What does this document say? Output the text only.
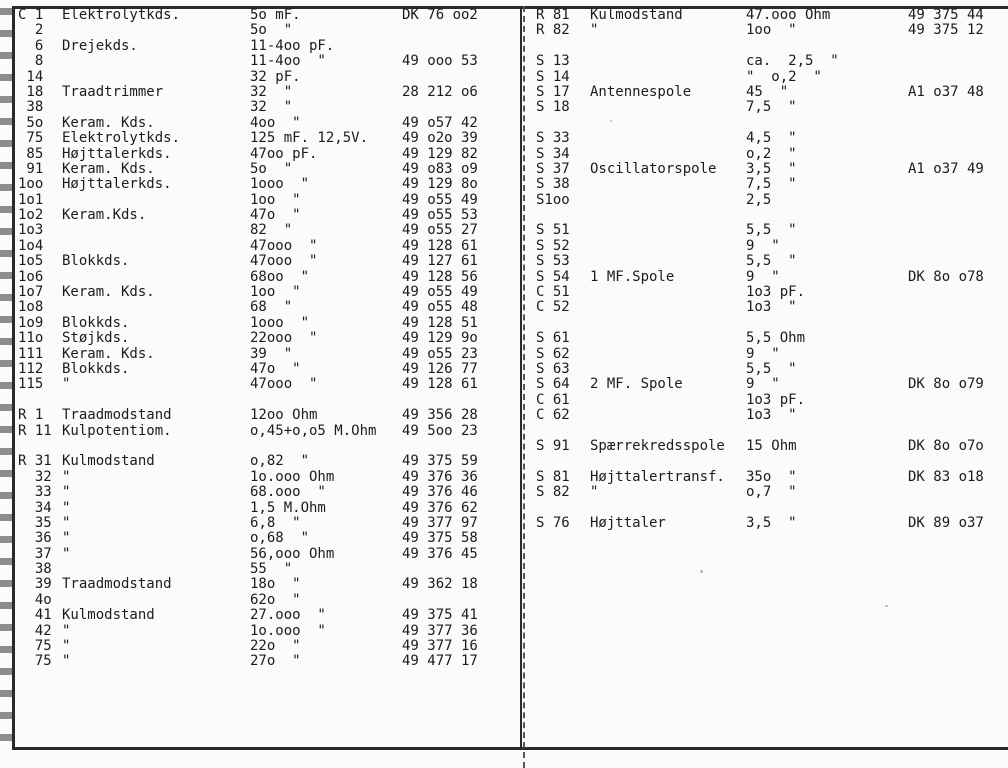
C 1 Elektrolytkds.	5o mF.	DK 76 oo2
2	5o  "
6 Drejekds.	11-4oo pF.
8	11-4oo  "	49 ooo 53
14	32 pF.
18 Traadtrimmer	32  "	28 212 o6
38	32  "
5o Keram. Kds.	4oo  "	49 o57 42
75 Elektrolytkds.	125 mF. 12,5V. 49 o2o 39
85 Højttalerkds.	47oo pF.	49 129 82
91 Keram. Kds.	5o  "	49 o83 o9
1oo Højttalerkds.	1ooo  "	49 129 8o
1o1	1oo  "	49 o55 49
1o2 Keram.Kds.	47o  "	49 o55 53
1o3	82  "	49 o55 27
1o4	47ooo  "	49 128 61
1o5 Blokkds.	47ooo  "	49 127 61
1o6	68oo  "	49 128 56
1o7 Keram. Kds.	1oo  "	49 o55 49
1o8	68  "	49 o55 48
1o9 Blokkds.	1ooo  "	49 128 51
11o Støjkds.	22ooo  "	49 129 9o
111 Keram. Kds.	39  "	49 o55 23
112 Blokkds.	47o  "	49 126 77
115 "	47ooo  "	49 128 61
R 1 Traadmodstand	12oo Ohm	49 356 28
R 11 Kulpotentiom.	o,45+o,o5 M.Ohm 49 5oo 23
R 31 Kulmodstand	o,82  "	49 375 59
32 "	1o.ooo Ohm	49 376 36
33 "	68.ooo  "	49 376 46
34 "	1,5 M.Ohm	49 376 62
35 "	6,8  "	49 377 97
36 "	o,68  "	49 375 58
37 "	56,ooo Ohm	49 376 45
38	55  "
39 Traadmodstand	18o  "	49 362 18
4o	62o  "
41 Kulmodstand	27.ooo  "	49 375 41
42 "	1o.ooo  "	49 377 36
75 "	22o  "	49 377 16
75 "	27o  "	49 477 17
R 81 Kulmodstand	47.ooo Ohm	49 375 44
R 82 "	1oo  "	49 375 12
S 13	ca.  2,5  "
S 14	"  o,2  "
S 17 Antennespole	45  "	A1 o37 48
S 18	7,5  "
S 33	4,5  "
S 34	o,2  "
S 37 Oscillatorspole 3,5  "	A1 o37 49
S 38	7,5  "
S1oo	2,5
S 51	5,5  "
S 52	9  "
S 53	5,5  "
S 54 1 MF.Spole	9  "	DK 8o o78
C 51	1o3 pF.
C 52	1o3  "
S 61	5,5 Ohm
S 62	9  "
S 63	5,5  "
S 64 2 MF. Spole	9  "	DK 8o o79
C 61	1o3 pF.
C 62	1o3  "
S 91 Spærrekredsspole 15 Ohm	DK 8o o7o
S 81 Højttalertransf. 35o  "	DK 83 o18
S 82 "	o,7  "
S 76 Højttaler	3,5  "	DK 89 o37
